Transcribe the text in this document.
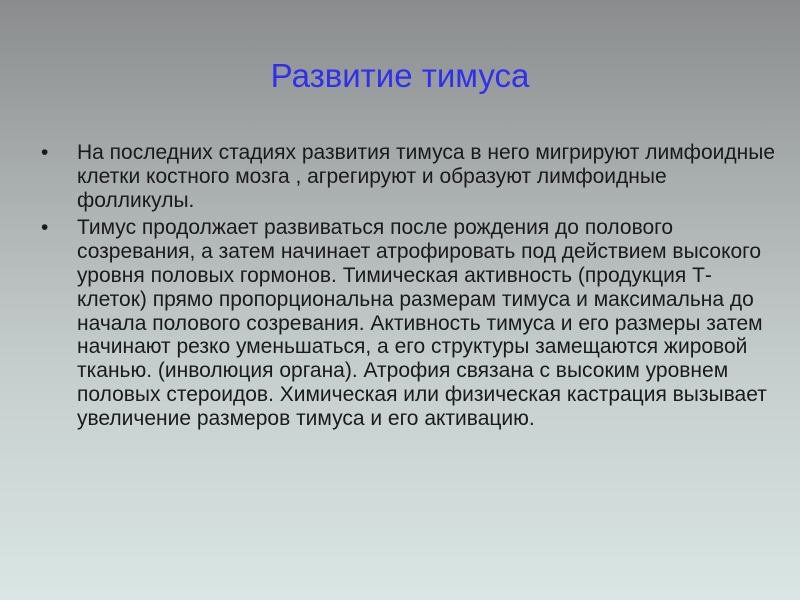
Развитие тимуса
•	На последних стадиях развития тимуса в него мигрируют лимфоидные клетки костного мозга , агрегируют и образуют лимфоидные фолликулы.
•	Тимус продолжает развиваться после рождения до полового созревания, а затем начинает атрофировать под действием высокого уровня половых гормонов. Тимическая активность (продукция Т-клеток) прямо пропорциональна размерам тимуса и максимальна до начала полового созревания. Активность тимуса и его размеры затем начинают резко уменьшаться, а его структуры замещаются жировой тканью. (инволюция органа). Атрофия связана с высоким уровнем половых стероидов. Химическая или физическая кастрация вызывает увеличение размеров тимуса и его активацию.
